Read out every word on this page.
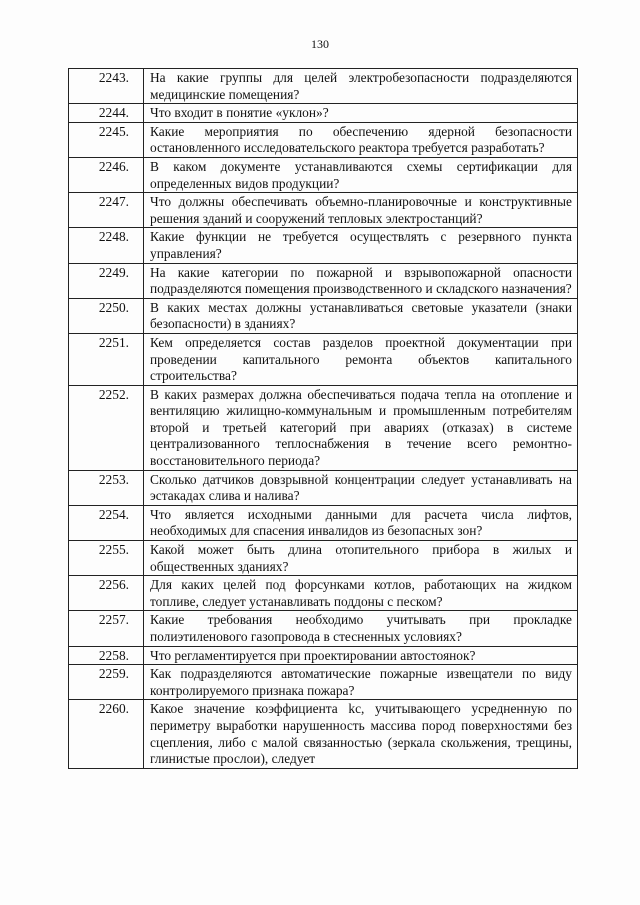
130
2243.	На какие группы для целей электробезопасности подразделяются медицинские помещения?
2244.	Что входит в понятие «уклон»?
2245.	Какие мероприятия по обеспечению ядерной безопасности остановленного исследовательского реактора требуется разработать?
2246.	В каком документе устанавливаются схемы сертификации для определенных видов продукции?
2247.	Что должны обеспечивать объемно-планировочные и конструктивные решения зданий и сооружений тепловых электростанций?
2248.	Какие функции не требуется осуществлять с резервного пункта управления?
2249.	На какие категории по пожарной и взрывопожарной опасности подразделяются помещения производственного и складского назначения?
2250.	В каких местах должны устанавливаться световые указатели (знаки безопасности) в зданиях?
2251.	Кем определяется состав разделов проектной документации при проведении капитального ремонта объектов капитального строительства?
2252.	В каких размерах должна обеспечиваться подача тепла на отопление и вентиляцию жилищно-коммунальным и промышленным потребителям второй и третьей категорий при авариях (отказах) в системе централизованного теплоснабжения в течение всего ремонтно-восстановительного периода?
2253.	Сколько датчиков довзрывной концентрации следует устанавливать на эстакадах слива и налива?
2254.	Что является исходными данными для расчета числа лифтов, необходимых для спасения инвалидов из безопасных зон?
2255.	Какой может быть длина отопительного прибора в жилых и общественных зданиях?
2256.	Для каких целей под форсунками котлов, работающих на жидком топливе, следует устанавливать поддоны с песком?
2257.	Какие требования необходимо учитывать при прокладке полиэтиленового газопровода в стесненных условиях?
2258.	Что регламентируется при проектировании автостоянок?
2259.	Как подразделяются автоматические пожарные извещатели по виду контролируемого признака пожара?
2260.	Какое значение коэффициента kc, учитывающего усредненную по периметру выработки нарушенность массива пород поверхностями без сцепления, либо с малой связанностью (зеркала скольжения, трещины, глинистые прослои), следует
